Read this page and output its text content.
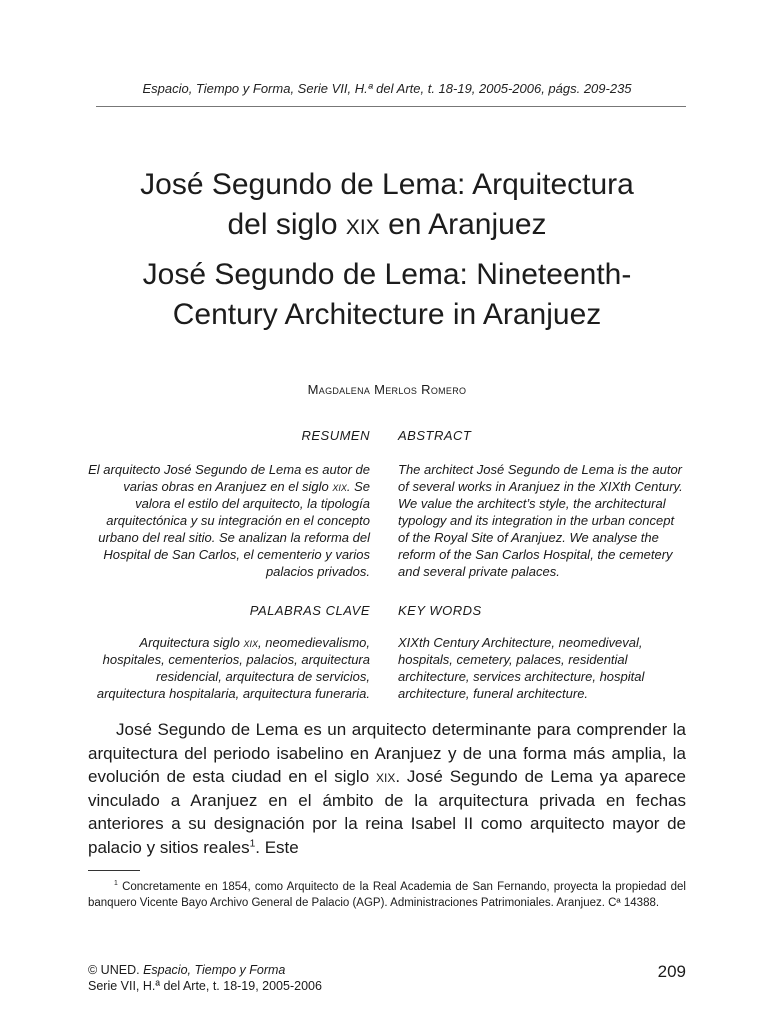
Espacio, Tiempo y Forma, Serie VII, H.ª del Arte, t. 18-19, 2005-2006, págs. 209-235
José Segundo de Lema: Arquitectura
del siglo xix en Aranjuez
José Segundo de Lema: Nineteenth-
Century Architecture in Aranjuez
Magdalena Merlos Romero
RESUMEN ABSTRACT
El arquitecto José Segundo de Lema es autor de varias obras en Aranjuez en el siglo xix. Se valora el estilo del arquitecto, la tipología arquitectónica y su integración en el concepto urbano del real sitio. Se analizan la reforma del Hospital de San Carlos, el cementerio y varios palacios privados.
The architect José Segundo de Lema is the autor of several works in Aranjuez in the XIXth Century. We value the architect’s style, the architectural typology and its integration in the urban concept of the Royal Site of Aranjuez. We analyse the reform of the San Carlos Hospital, the cemetery and several private palaces.
PALABRAS CLAVE KEY WORDS
Arquitectura siglo xix, neomedievalismo, hospitales, cementerios, palacios, arquitectura residencial, arquitectura de servicios, arquitectura hospitalaria, arquitectura funeraria.
XIXth Century Architecture, neomediveval, hospitals, cemetery, palaces, residential architecture, services architecture, hospital architecture, funeral architecture.
José Segundo de Lema es un arquitecto determinante para comprender la arquitectura del periodo isabelino en Aranjuez y de una forma más amplia, la evolución de esta ciudad en el siglo xix. José Segundo de Lema ya aparece vinculado a Aranjuez en el ámbito de la arquitectura privada en fechas anteriores a su designación por la reina Isabel II como arquitecto mayor de palacio y sitios reales$^1$. Este
$^1$ Concretamente en 1854, como Arquitecto de la Real Academia de San Fernando, proyecta la propiedad del banquero Vicente Bayo Archivo General de Palacio (AGP). Administraciones Patrimoniales. Aranjuez. Cª 14388.
© UNED. Espacio, Tiempo y Forma
Serie VII, H.ª del Arte, t. 18-19, 2005-2006
209
